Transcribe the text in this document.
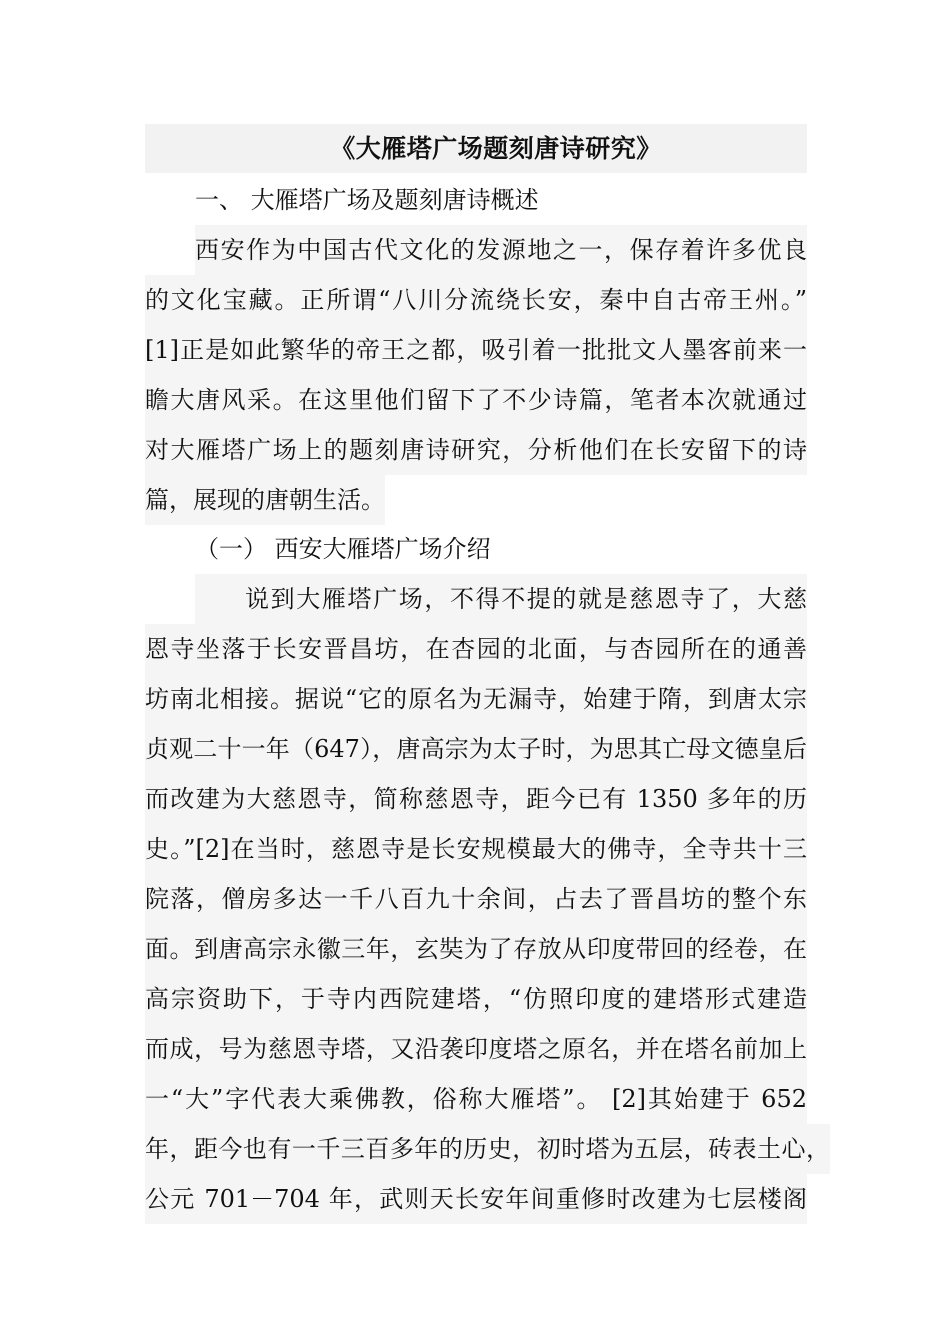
《大雁塔广场题刻唐诗研究》
一、 大雁塔广场及题刻唐诗概述
西安作为中国古代文化的发源地之一，保存着许多优良
的文化宝藏。正所谓“八川分流绕长安，秦中自古帝王州。”
[1]正是如此繁华的帝王之都，吸引着一批批文人墨客前来一
瞻大唐风采。在这里他们留下了不少诗篇，笔者本次就通过
对大雁塔广场上的题刻唐诗研究，分析他们在长安留下的诗
篇，展现的唐朝生活。
（一） 西安大雁塔广场介绍
说到大雁塔广场，不得不提的就是慈恩寺了，大慈
恩寺坐落于长安晋昌坊，在杏园的北面，与杏园所在的通善
坊南北相接。据说“它的原名为无漏寺，始建于隋，到唐太宗
贞观二十一年（647），唐高宗为太子时，为思其亡母文德皇后
而改建为大慈恩寺，简称慈恩寺，距今已有 1350 多年的历
史。”[2]在当时，慈恩寺是长安规模最大的佛寺，全寺共十三
院落，僧房多达一千八百九十余间，占去了晋昌坊的整个东
面。到唐高宗永徽三年，玄奘为了存放从印度带回的经卷，在
高宗资助下，于寺内西院建塔，“仿照印度的建塔形式建造
而成，号为慈恩寺塔，又沿袭印度塔之原名，并在塔名前加上
一“大”字代表大乘佛教，俗称大雁塔”。 [2]其始建于 652
年，距今也有一千三百多年的历史，初时塔为五层，砖表土心，
公元 701－704 年，武则天长安年间重修时改建为七层楼阁
